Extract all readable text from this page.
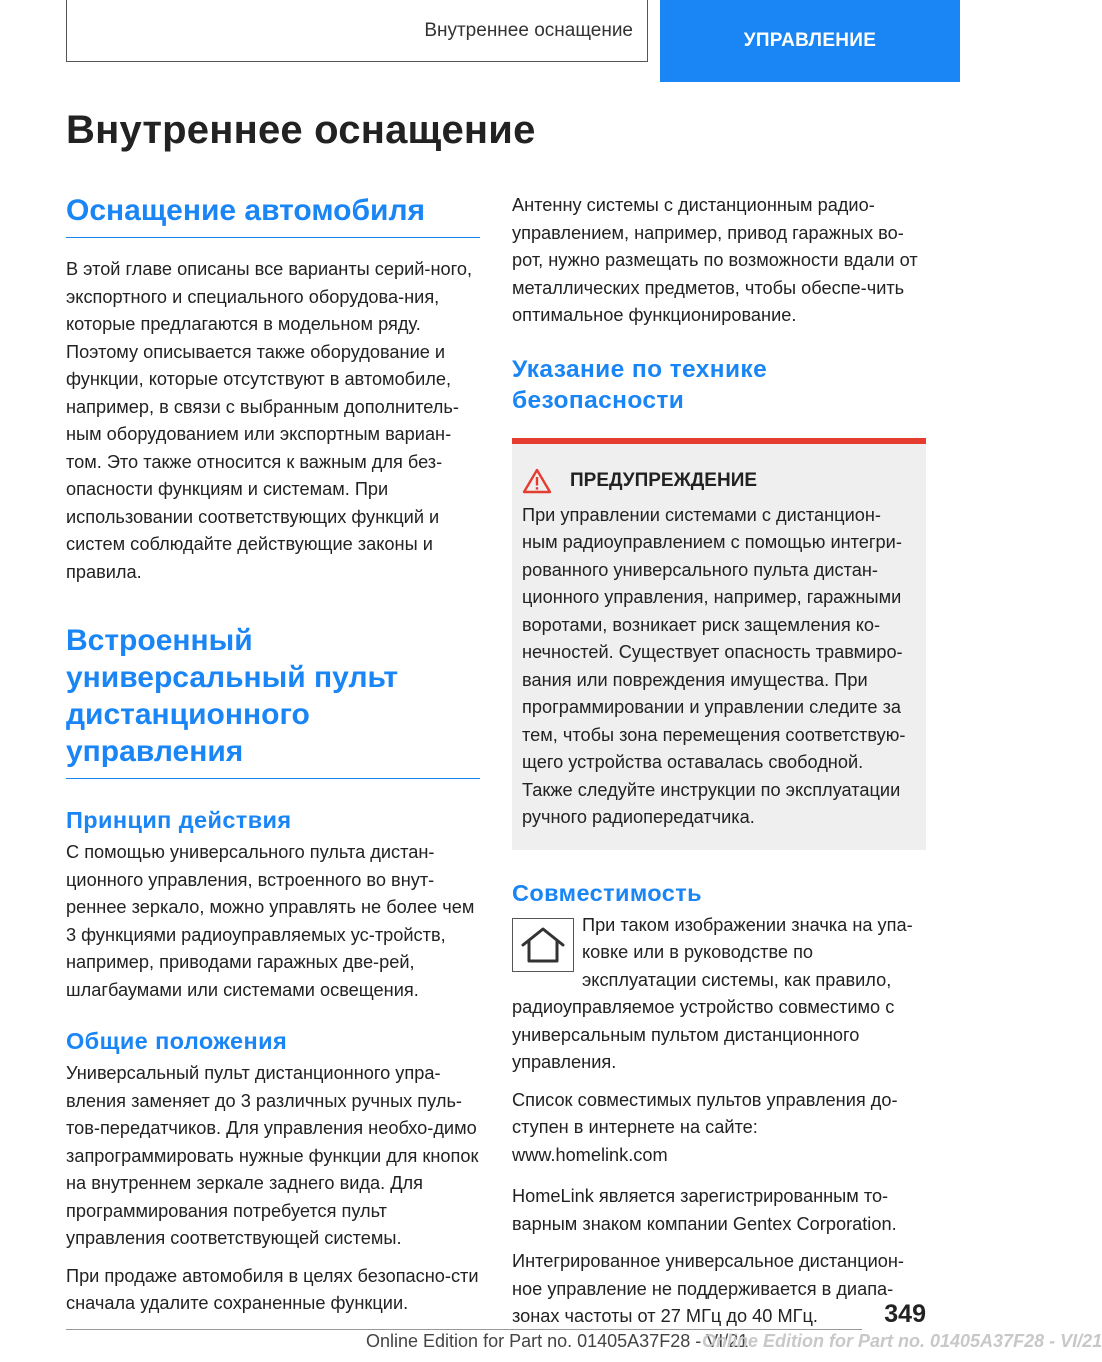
Внутреннее оснащение	УПРАВЛЕНИЕ
Внутреннее оснащение
Оснащение автомобиля

В этой главе описаны все варианты серий-ного, экспортного и специального оборудова-ния, которые предлагаются в модельном ряду. Поэтому описывается также оборудование и функции, которые отсутствуют в автомобиле, например, в связи с выбранным дополнитель-ным оборудованием или экспортным вариан-том. Это также относится к важным для без-опасности функциям и системам. При использовании соответствующих функций и систем соблюдайте действующие законы и правила.

Встроенный универсальный пульт дистанционного управления
Принцип действия

С помощью универсального пульта дистан-ционного управления, встроенного во внут-реннее зеркало, можно управлять не более чем 3 функциями радиоуправляемых ус-тройств, например, приводами гаражных две-рей, шлагбаумами или системами освещения.

Общие положения

Универсальный пульт дистанционного упра-вления заменяет до 3 различных ручных пуль-тов-передатчиков. Для управления необхо-димо запрограммировать нужные функции для кнопок на внутреннем зеркале заднего вида. Для программирования потребуется пульт управления соответствующей системы.

При продаже автомобиля в целях безопасно-сти сначала удалите сохраненные функции.

Антенну системы с дистанционным радио-управлением, например, привод гаражных во-рот, нужно размещать по возможности вдали от металлических предметов, чтобы обеспе-чить оптимальное функционирование.

Указание по технике безопасности
ПРЕДУПРЕЖДЕНИЕ

При управлении системами с дистанцион-ным радиоуправлением с помощью интегри-рованного универсального пульта дистан-ционного управления, например, гаражными воротами, возникает риск защемления ко-нечностей. Существует опасность травмиро-вания или повреждения имущества. При программировании и управлении следите за тем, чтобы зона перемещения соответствую-щего устройства оставалась свободной. Также следуйте инструкции по эксплуатации ручного радиопередатчика.

Совместимость

При таком изображении значка на упа-ковке или в руководстве по эксплуатации системы, как правило, радиоуправляемое устройство совместимо с универсальным пультом дистанционного управления.

Список совместимых пультов управления до-ступен в интернете на сайте:

www.homelink.com

HomeLink является зарегистрированным то-варным знаком компании Gentex Corporation.

Интегрированное универсальное дистанцион-ное управление не поддерживается в диапа-зонах частоты от 27 МГц до 40 МГц.	349
Online Edition for Part no. 01405A37F28 - VI/21
Online Edition for Part no. 01405A37F28 - VI/21
